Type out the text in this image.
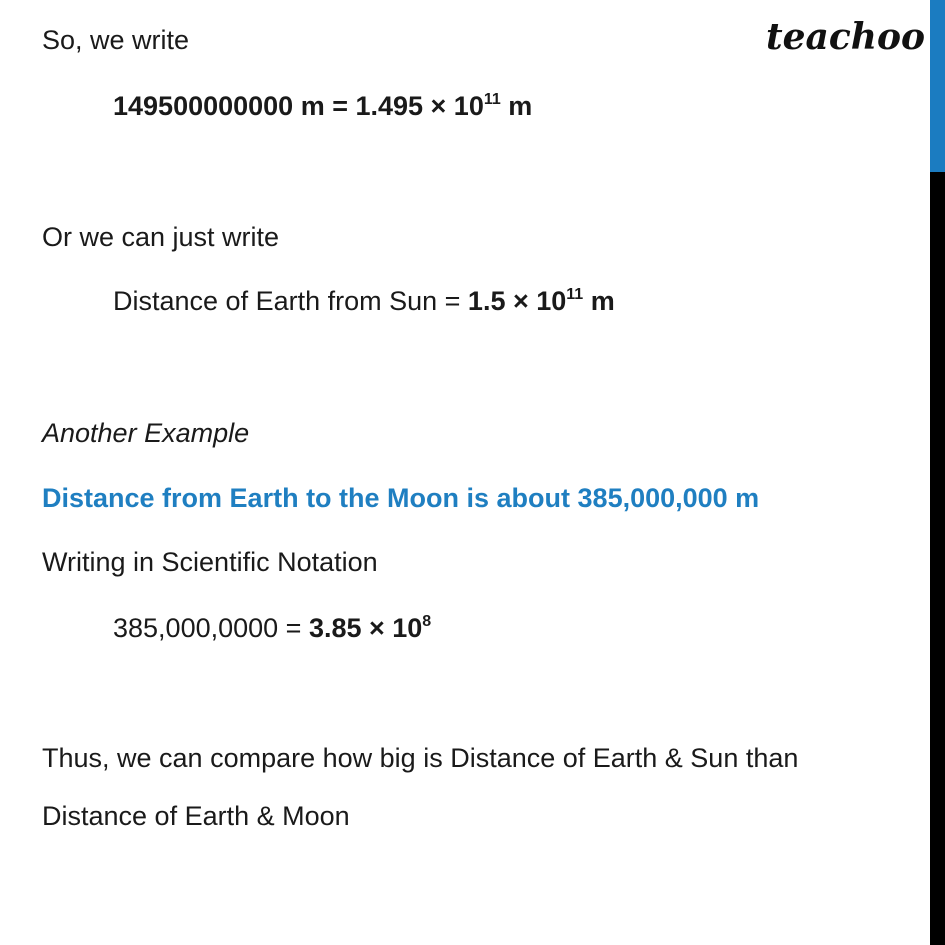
teachoo
So, we write
149500000000 $m = 1.495 \times 10^{11}$ m
Or we can just write
Distance of Earth from Sun = $1.5 \times 10^{11}$ m
Another Example
Distance from Earth to the Moon is about 385,000,000 m
Writing in Scientific Notation
$385,000,0000 = 3.85 \times 10^8$
Thus, we can compare how big is Distance of Earth & Sun than
Distance of Earth & Moon
